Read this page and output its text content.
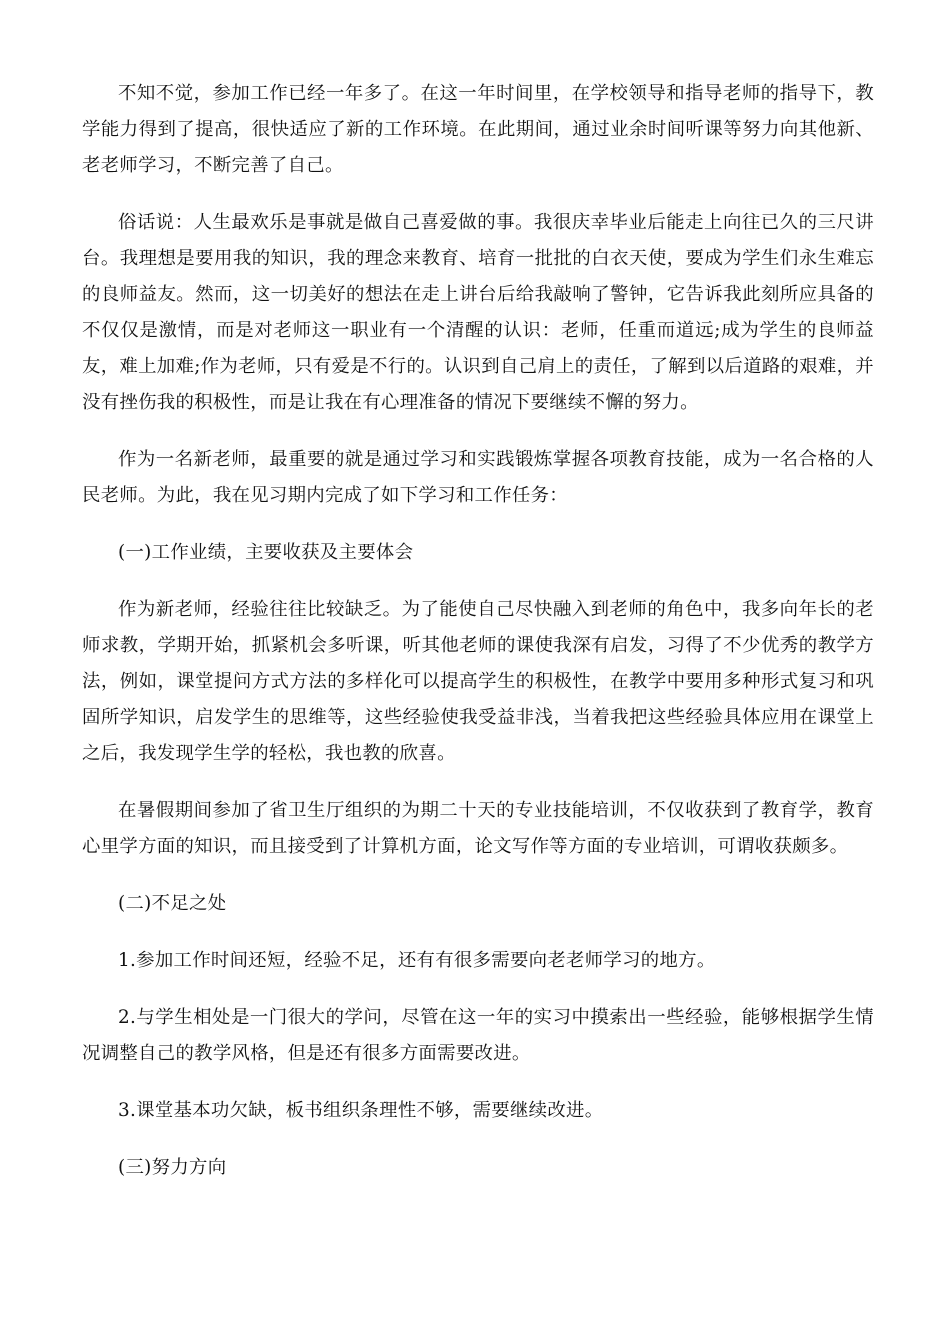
不知不觉，参加工作已经一年多了。在这一年时间里，在学校领导和指导老师的指导下，教学能力得到了提高，很快适应了新的工作环境。在此期间，通过业余时间听课等努力向其他新、老老师学习，不断完善了自己。

俗话说：人生最欢乐是事就是做自己喜爱做的事。我很庆幸毕业后能走上向往已久的三尺讲台。我理想是要用我的知识，我的理念来教育、培育一批批的白衣天使，要成为学生们永生难忘的良师益友。然而，这一切美好的想法在走上讲台后给我敲响了警钟，它告诉我此刻所应具备的不仅仅是激情，而是对老师这一职业有一个清醒的认识：老师，任重而道远;成为学生的良师益友，难上加难;作为老师，只有爱是不行的。认识到自己肩上的责任，了解到以后道路的艰难，并没有挫伤我的积极性，而是让我在有心理准备的情况下要继续不懈的努力。

作为一名新老师，最重要的就是通过学习和实践锻炼掌握各项教育技能，成为一名合格的人民老师。为此，我在见习期内完成了如下学习和工作任务：

(一)工作业绩，主要收获及主要体会

作为新老师，经验往往比较缺乏。为了能使自己尽快融入到老师的角色中，我多向年长的老师求教，学期开始，抓紧机会多听课，听其他老师的课使我深有启发，习得了不少优秀的教学方法，例如，课堂提问方式方法的多样化可以提高学生的积极性，在教学中要用多种形式复习和巩固所学知识，启发学生的思维等，这些经验使我受益非浅，当着我把这些经验具体应用在课堂上之后，我发现学生学的轻松，我也教的欣喜。

在暑假期间参加了省卫生厅组织的为期二十天的专业技能培训，不仅收获到了教育学，教育心里学方面的知识，而且接受到了计算机方面，论文写作等方面的专业培训，可谓收获颇多。

(二)不足之处

1.参加工作时间还短，经验不足，还有有很多需要向老老师学习的地方。

2.与学生相处是一门很大的学问，尽管在这一年的实习中摸索出一些经验，能够根据学生情况调整自己的教学风格，但是还有很多方面需要改进。

3.课堂基本功欠缺，板书组织条理性不够，需要继续改进。

(三)努力方向
